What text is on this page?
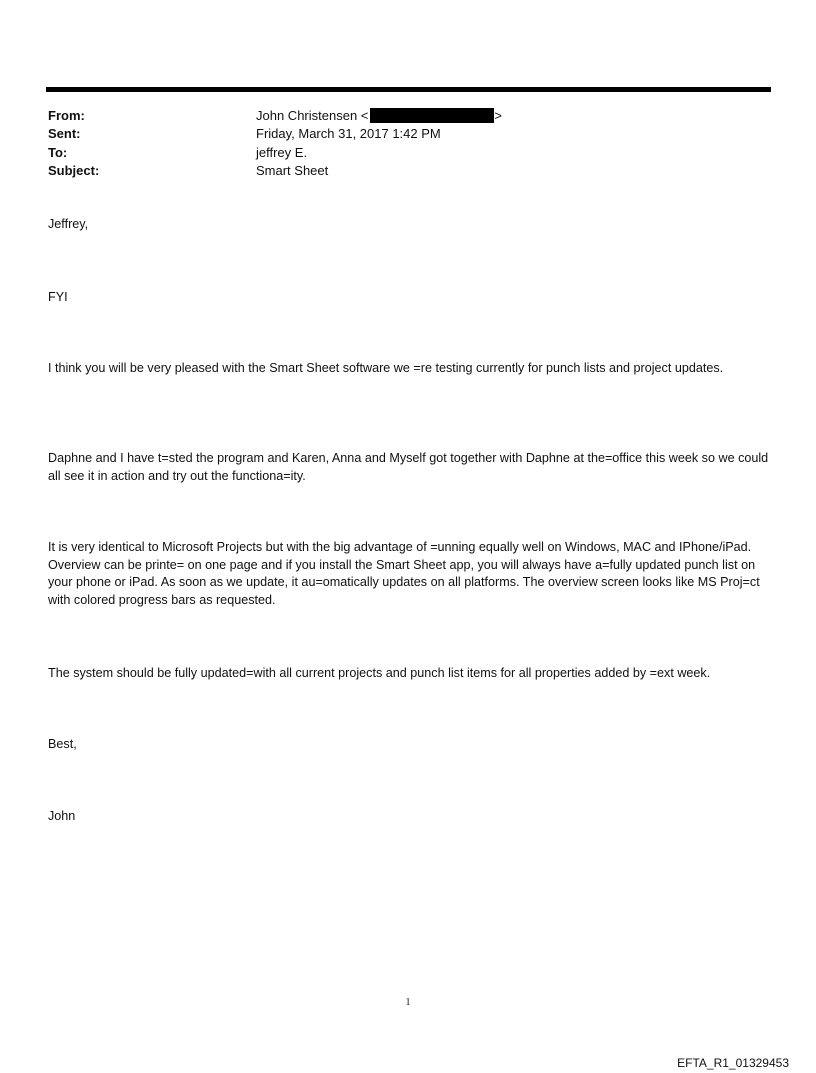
From:	John Christensen <	>
Sent:	Friday, March 31, 2017 1:42 PM
To:	jeffrey E.
Subject:	Smart Sheet
Jeffrey,
FYI
I think you will be very pleased with the Smart Sheet software we =re testing currently for punch lists and project updates.
Daphne and I have t=sted the program and Karen, Anna and Myself got together with Daphne at the=office this week so we could all see it in action and try out the functiona=ity.
It is very identical to Microsoft Projects but with the big advantage of =unning equally well on Windows, MAC and IPhone/iPad. Overview can be printe= on one page and if you install the Smart Sheet app, you will always have a=fully updated punch list on your phone or iPad. As soon as we update, it au=omatically updates on all platforms. The overview screen looks like MS Proj=ct with colored progress bars as requested.
The system should be fully updated=with all current projects and punch list items for all properties added by =ext week.
Best,
John
1
EFTA_R1_01329453
